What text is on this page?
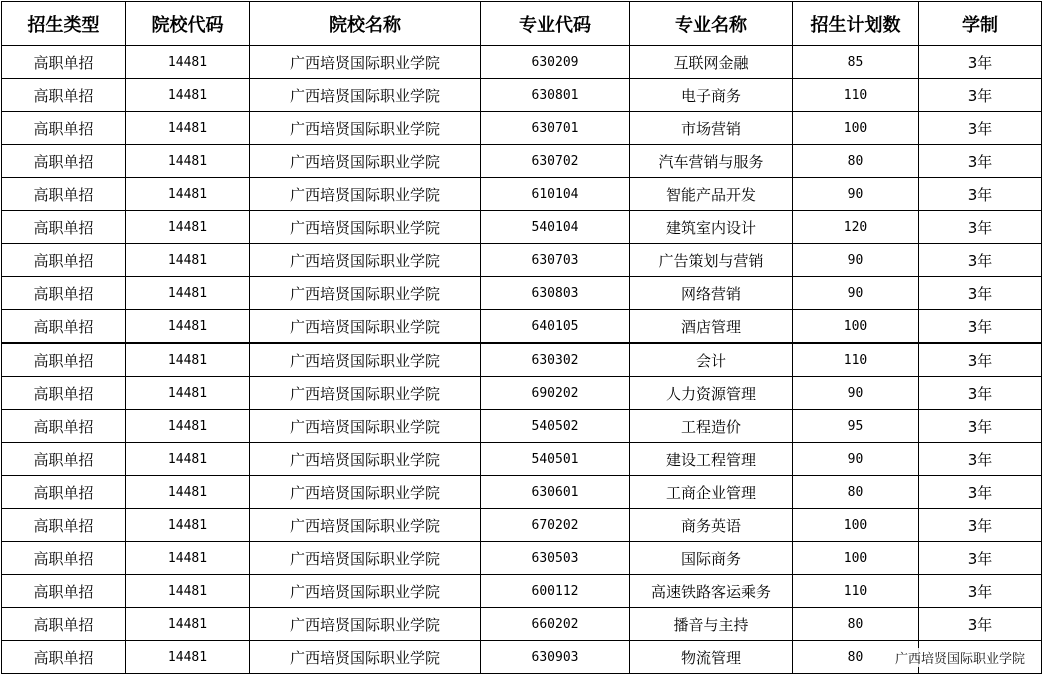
招生类型	院校代码	院校名称	专业代码	专业名称	招生计划数	学制
高职单招	14481	广西培贤国际职业学院	630209	互联网金融	85	3年
高职单招	14481	广西培贤国际职业学院	630801	电子商务	110	3年
高职单招	14481	广西培贤国际职业学院	630701	市场营销	100	3年
高职单招	14481	广西培贤国际职业学院	630702	汽车营销与服务	80	3年
高职单招	14481	广西培贤国际职业学院	610104	智能产品开发	90	3年
高职单招	14481	广西培贤国际职业学院	540104	建筑室内设计	120	3年
高职单招	14481	广西培贤国际职业学院	630703	广告策划与营销	90	3年
高职单招	14481	广西培贤国际职业学院	630803	网络营销	90	3年
高职单招	14481	广西培贤国际职业学院	640105	酒店管理	100	3年
高职单招	14481	广西培贤国际职业学院	630302	会计	110	3年
高职单招	14481	广西培贤国际职业学院	690202	人力资源管理	90	3年
高职单招	14481	广西培贤国际职业学院	540502	工程造价	95	3年
高职单招	14481	广西培贤国际职业学院	540501	建设工程管理	90	3年
高职单招	14481	广西培贤国际职业学院	630601	工商企业管理	80	3年
高职单招	14481	广西培贤国际职业学院	670202	商务英语	100	3年
高职单招	14481	广西培贤国际职业学院	630503	国际商务	100	3年
高职单招	14481	广西培贤国际职业学院	600112	高速铁路客运乘务	110	3年
高职单招	14481	广西培贤国际职业学院	660202	播音与主持	80	3年
高职单招	14481	广西培贤国际职业学院	630903	物流管理	80	广西培贤国际职业学院
